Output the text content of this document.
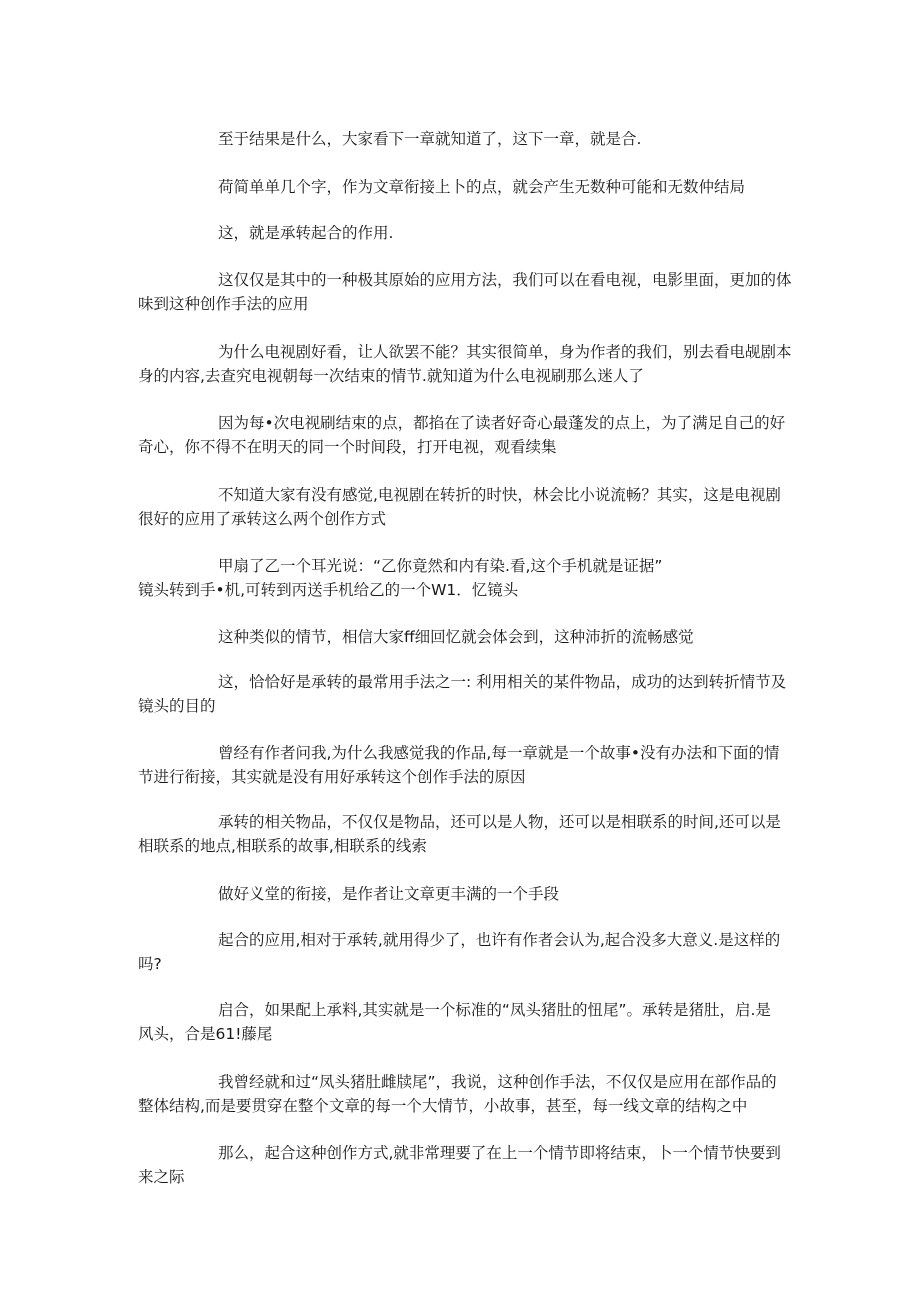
至于结果是什么，大家看下一章就知道了，这下一章，就是合.
荷简单单几个字，作为文章衔接上卜的点，就会产生无数种可能和无数仲结局
这，就是承转起合的作用.
这仅仅是其中的一种极其原始的应用方法，我们可以在看电视，电影里面，更加的体
味到这种创作手法的应用
为什么电视剧好看，让人欲罢不能？其实很简单，身为作者的我们，别去看电觇剧本
身的内容,去查究电视朝每一次结束的情节.就知道为什么电视刷那么迷人了
因为每•次电视刷结束的点，都掐在了读者好奇心最蓬发的点上，为了满足自己的好
奇心，你不得不在明天的同一个时间段，打开电视，观看续集
不知道大家有没有感觉,电视剧在转折的时快，林会比小说流畅？其实，这是电视剧
很好的应用了承转这么两个创作方式
甲扇了乙一个耳光说：“乙你竟然和内有染.看,这个手机就是证据”
镜头转到手•机,可转到丙送手机给乙的一个W1．忆镜头
这种类似的情节，相信大家ff细回忆就会体会到，这种沛折的流畅感觉
这，恰恰好是承转的最常用手法之一: 利用相关的某件物品，成功的达到转折情节及
镜头的目的
曾经有作者问我,为什么我感觉我的作品,每一章就是一个故事•没有办法和下面的情
节进行衔接，其实就是没有用好承转这个创作手法的原因
承转的相关物品，不仅仅是物品，还可以是人物，还可以是相联系的时间,还可以是
相联系的地点,相联系的故事,相联系的线索
做好义堂的衔接，是作者让文章更丰满的一个手段
起合的应用,相对于承转,就用得少了，也许有作者会认为,起合没多大意义.是这样的
吗?
启合，如果配上承料,其实就是一个标准的“凤头猪肚的忸尾”。承转是猪肚，启.是
风头，合是61!藤尾
我曾经就和过“凤头猪肚雌牍尾”，我说，这种创作手法，不仅仅是应用在部作品的
整体结构,而是要贯穿在整个文章的每一个大情节，小故事，甚至，每一线文章的结构之中
那么，起合这种创作方式,就非常理要了在上一个情节即将结束，卜一个情节快要到
来之际
